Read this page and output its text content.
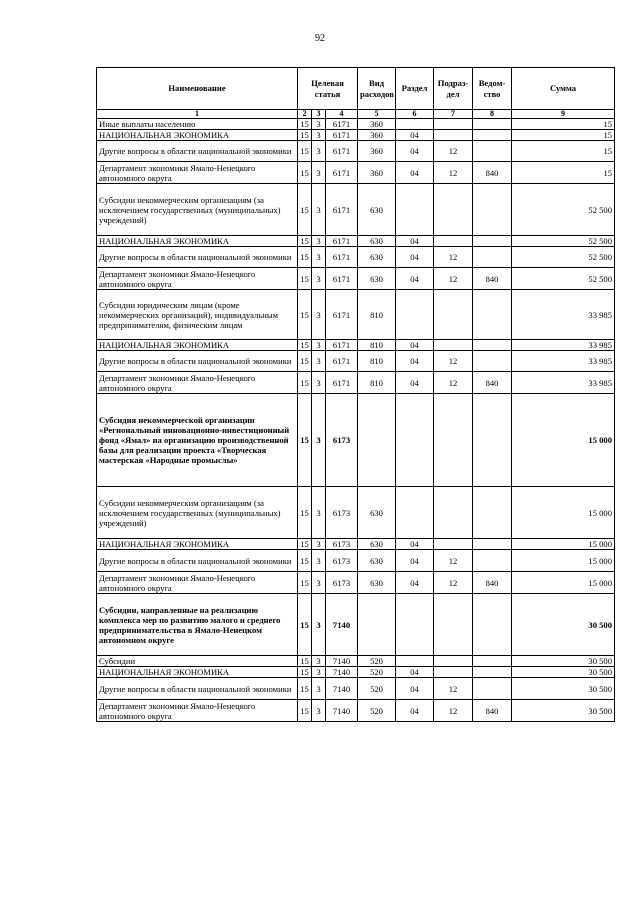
92
Наименование	Целевая статья			Вид расходов	Раздел	Подраз- дел	Ведом- ство	Сумма
1	2	3	4	5	6	7	8	9
Иные выплаты населению	15	3	6171	360				15
НАЦИОНАЛЬНАЯ ЭКОНОМИКА	15	3	6171	360	04			15
Другие вопросы в области национальной экономики	15	3	6171	360	04	12		15
Департамент экономики Ямало-Ненецкого автономного округа	15	3	6171	360	04	12	840	15
Субсидии некоммерческим организациям (за исключением государственных (муниципальных) учреждений)	15	3	6171	630				52 500
НАЦИОНАЛЬНАЯ ЭКОНОМИКА	15	3	6171	630	04			52 500
Другие вопросы в области национальной экономики	15	3	6171	630	04	12		52 500
Департамент экономики Ямало-Ненецкого автономного округа	15	3	6171	630	04	12	840	52 500
Субсидии юридическим лицам (кроме некоммерческих организаций), индивидуальным предпринимателям, физическим лицам	15	3	6171	810				33 985
НАЦИОНАЛЬНАЯ ЭКОНОМИКА	15	3	6171	810	04			33 985
Другие вопросы в области национальной экономики	15	3	6171	810	04	12		33 985
Департамент экономики Ямало-Ненецкого автономного округа	15	3	6171	810	04	12	840	33 985
Субсидия некоммерческой организации «Региональный инновационно-инвестиционный фонд «Ямал» на организацию производственной базы для реализации проекта «Творческая мастерская «Народные промыслы»	15	3	6173					15 000
Субсидии некоммерческим организациям (за исключением государственных (муниципальных) учреждений)	15	3	6173	630				15 000
НАЦИОНАЛЬНАЯ ЭКОНОМИКА	15	3	6173	630	04			15 000
Другие вопросы в области национальной экономики	15	3	6173	630	04	12		15 000
Департамент экономики Ямало-Ненецкого автономного округа	15	3	6173	630	04	12	840	15 000
Субсидии, направленные на реализацию комплекса мер по развитию малого и среднего предпринимательства в Ямало-Ненецком автономном округе	15	3	7140					30 500
Субсидии	15	3	7140	520				30 500
НАЦИОНАЛЬНАЯ ЭКОНОМИКА	15	3	7140	520	04			30 500
Другие вопросы в области национальной экономики	15	3	7140	520	04	12		30 500
Департамент экономики Ямало-Ненецкого автономного округа	15	3	7140	520	04	12	840	30 500
